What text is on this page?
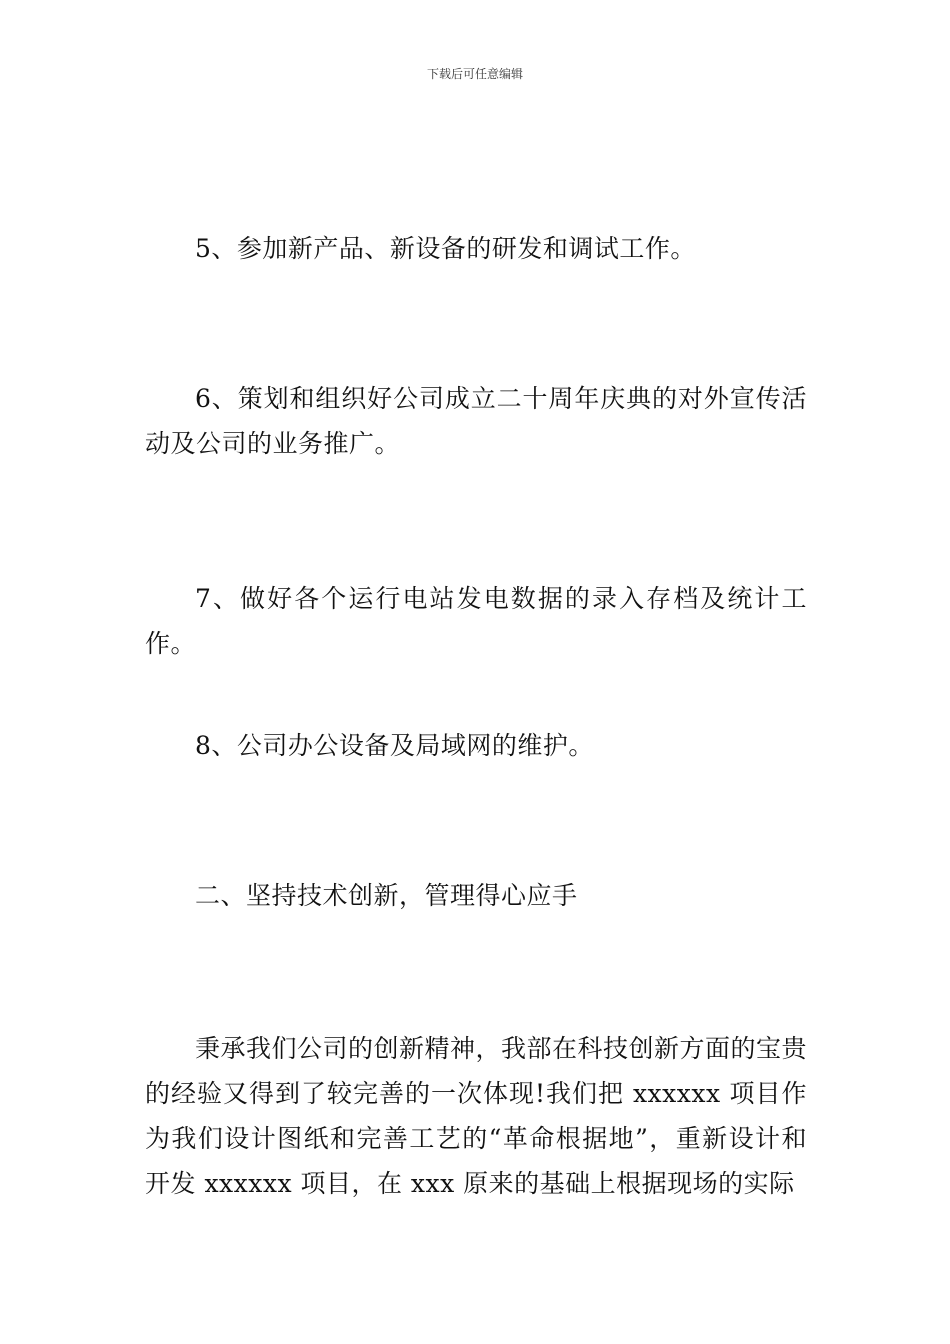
下载后可任意编辑

5、参加新产品、新设备的研发和调试工作。

6、策划和组织好公司成立二十周年庆典的对外宣传活动及公司的业务推广。

7、做好各个运行电站发电数据的录入存档及统计工作。

8、公司办公设备及局域网的维护。

二、坚持技术创新，管理得心应手

秉承我们公司的创新精神，我部在科技创新方面的宝贵的经验又得到了较完善的一次体现!我们把 xxxxxx 项目作为我们设计图纸和完善工艺的“革命根据地”，重新设计和开发 xxxxxx 项目，在 xxx 原来的基础上根据现场的实际
